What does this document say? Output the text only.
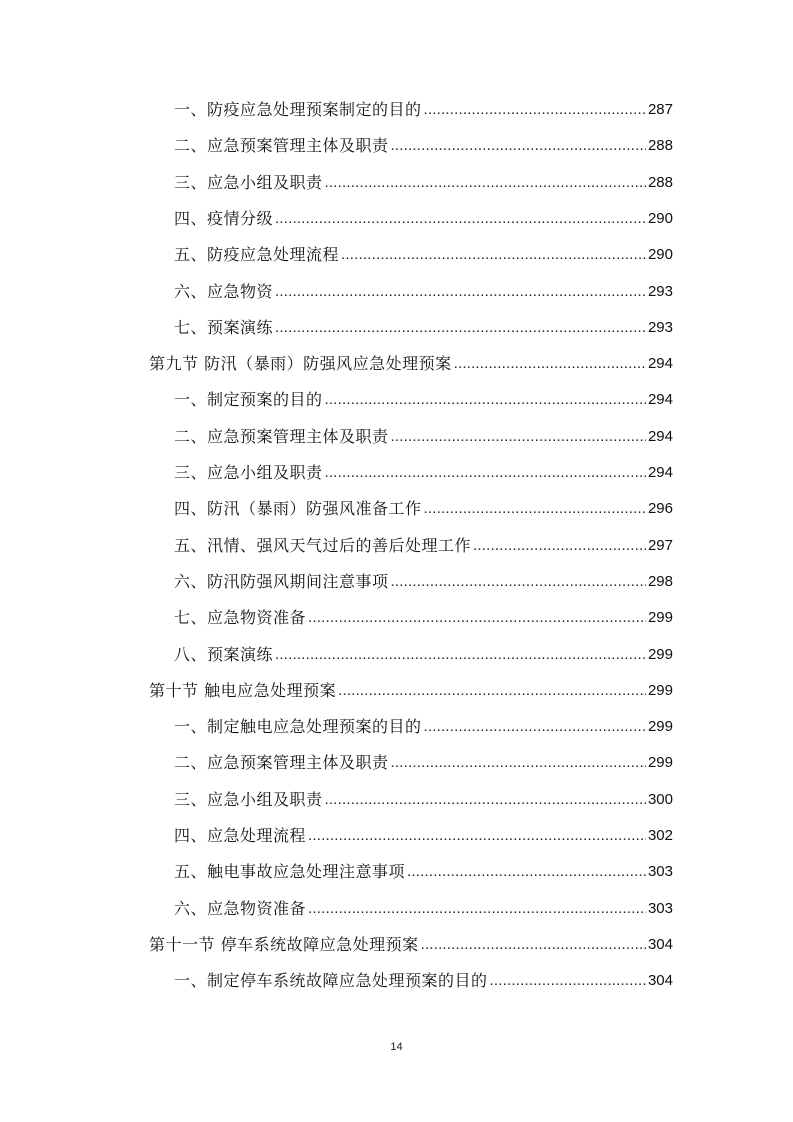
一、防疫应急处理预案制定的目的 .....	287
二、应急预案管理主体及职责 .....	288
三、应急小组及职责 .....	288
四、疫情分级 .....	290
五、防疫应急处理流程 .....	290
六、应急物资 .....	293
七、预案演练 .....	293
第九节 防汛（暴雨）防强风应急处理预案 .....	294
一、制定预案的目的 .....	294
二、应急预案管理主体及职责 .....	294
三、应急小组及职责 .....	294
四、防汛（暴雨）防强风准备工作 .....	296
五、汛情、强风天气过后的善后处理工作 .....	297
六、防汛防强风期间注意事项 .....	298
七、应急物资准备 .....	299
八、预案演练 .....	299
第十节 触电应急处理预案 .....	299
一、制定触电应急处理预案的目的 .....	299
二、应急预案管理主体及职责 .....	299
三、应急小组及职责 .....	300
四、应急处理流程 .....	302
五、触电事故应急处理注意事项 .....	303
六、应急物资准备 .....	303
第十一节 停车系统故障应急处理预案 .....	304
一、制定停车系统故障应急处理预案的目的 .....	304
14
